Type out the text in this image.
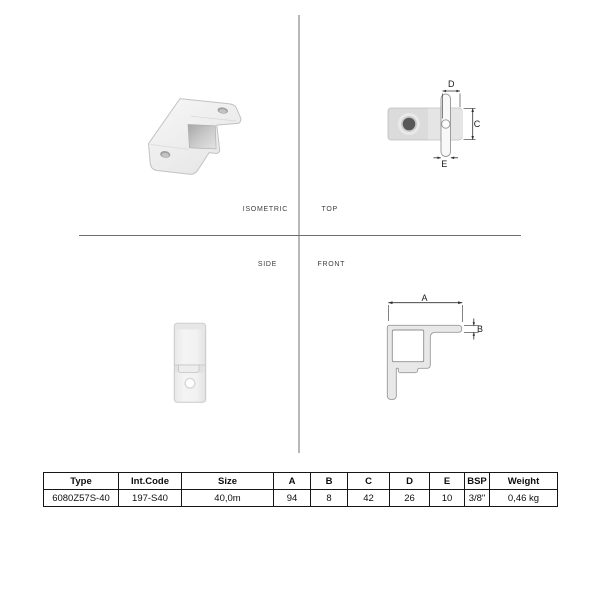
ISOMETRIC	TOP
SIDE	FRONT
D
C
E
A
B
Type	Int.Code	Size	A	B	C	D	E	BSP	Weight
6080Z57S-40	197-S40	40,0m	94	8	42	26	10	3/8"	0,46 kg
